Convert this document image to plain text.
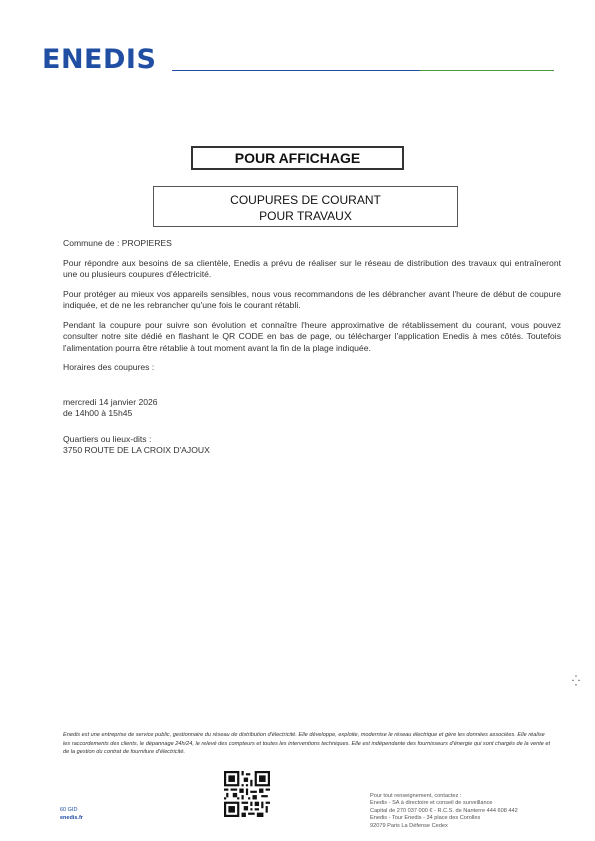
ENEDIS
POUR AFFICHAGE
COUPURES DE COURANT
POUR TRAVAUX
Commune de : PROPIERES
Pour répondre aux besoins de sa clientèle, Enedis a prévu de réaliser sur le réseau de distribution des travaux qui entraîneront une ou plusieurs coupures d'électricité.
Pour protéger au mieux vos appareils sensibles, nous vous recommandons de les débrancher avant l'heure de début de coupure indiquée, et de ne les rebrancher qu'une fois le courant rétabli.
Pendant la coupure pour suivre son évolution et connaître l'heure approximative de rétablissement du courant, vous pouvez consulter notre site dédié en flashant le QR CODE en bas de page, ou télécharger l'application Enedis à mes côtés. Toutefois l'alimentation pourra être rétablie à tout moment avant la fin de la plage indiquée.
Horaires des coupures :
mercredi 14 janvier 2026
de 14h00 à 15h45
Quartiers ou lieux-dits :
3750 ROUTE DE LA CROIX D'AJOUX
⁛
Enedis est une entreprise de service public, gestionnaire du réseau de distribution d'électricité. Elle développe, exploite, modernise le réseau électrique et gère les données associées. Elle réalise les raccordements des clients, le dépannage 24h/24, le relevé des compteurs et toutes les interventions techniques. Elle est indépendante des fournisseurs d'énergie qui sont chargés de la vente et de la gestion du contrat de fourniture d'électricité.
Pour tout renseignement, contactez :
Enedis - SA à directoire et conseil de surveillance
Capital de 270 037 000 € - R.C.S. de Nanterre 444 608 442
Enedis - Tour Enedis - 34 place des Corolles
92079 Paris La Défense Cedex
60 GID
enedis.fr
